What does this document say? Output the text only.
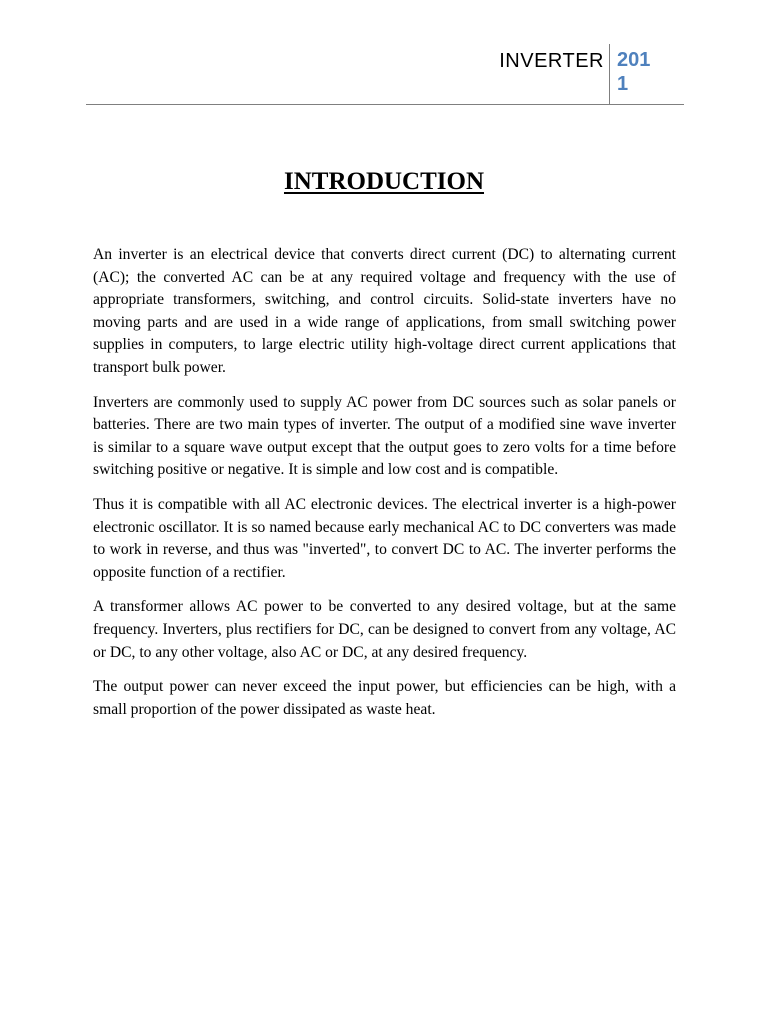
INVERTER 201
1
INTRODUCTION

An inverter is an electrical device that converts direct current (DC) to alternating current (AC); the converted AC can be at any required voltage and frequency with the use of appropriate transformers, switching, and control circuits. Solid-state inverters have no moving parts and are used in a wide range of applications, from small switching power supplies in computers, to large electric utility high-voltage direct current applications that transport bulk power.

Inverters are commonly used to supply AC power from DC sources such as solar panels or batteries. There are two main types of inverter. The output of a modified sine wave inverter is similar to a square wave output except that the output goes to zero volts for a time before switching positive or negative. It is simple and low cost and is compatible.

Thus it is compatible with all AC electronic devices. The electrical inverter is a high-power electronic oscillator. It is so named because early mechanical AC to DC converters was made to work in reverse, and thus was "inverted", to convert DC to AC. The inverter performs the opposite function of a rectifier.

A transformer allows AC power to be converted to any desired voltage, but at the same frequency. Inverters, plus rectifiers for DC, can be designed to convert from any voltage, AC or DC, to any other voltage, also AC or DC, at any desired frequency.

The output power can never exceed the input power, but efficiencies can be high, with a small proportion of the power dissipated as waste heat.
